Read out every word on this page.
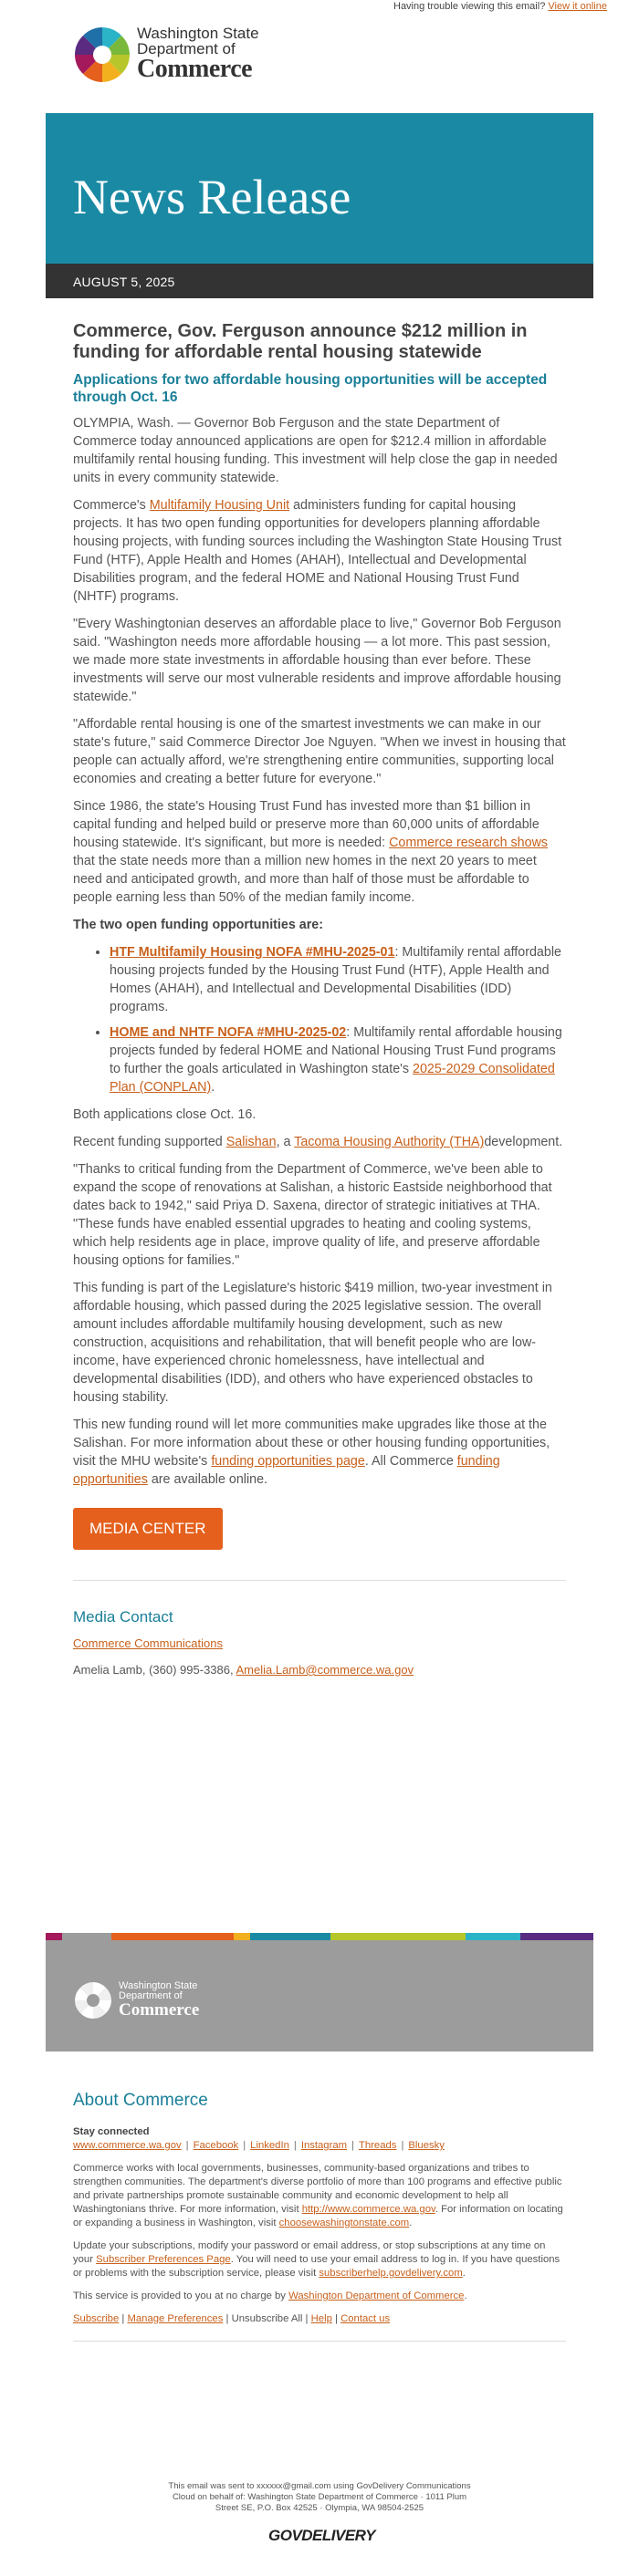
Having trouble viewing this email? View it online
Washington State
Department of
Commerce
News Release
AUGUST 5, 2025
Commerce, Gov. Ferguson announce $212 million in funding for affordable rental housing statewide
Applications for two affordable housing opportunities will be accepted through Oct. 16

OLYMPIA, Wash. — Governor Bob Ferguson and the state Department of Commerce today announced applications are open for $212.4 million in affordable multifamily rental housing funding. This investment will help close the gap in needed units in every community statewide.

Commerce's Multifamily Housing Unit administers funding for capital housing projects. It has two open funding opportunities for developers planning affordable housing projects, with funding sources including the Washington State Housing Trust Fund (HTF), Apple Health and Homes (AHAH), Intellectual and Developmental Disabilities program, and the federal HOME and National Housing Trust Fund (NHTF) programs.

"Every Washingtonian deserves an affordable place to live," Governor Bob Ferguson said. "Washington needs more affordable housing — a lot more. This past session, we made more state investments in affordable housing than ever before. These investments will serve our most vulnerable residents and improve affordable housing statewide."

"Affordable rental housing is one of the smartest investments we can make in our state's future," said Commerce Director Joe Nguyen. "When we invest in housing that people can actually afford, we're strengthening entire communities, supporting local economies and creating a better future for everyone."

Since 1986, the state's Housing Trust Fund has invested more than $1 billion in capital funding and helped build or preserve more than 60,000 units of affordable housing statewide. It's significant, but more is needed: Commerce research shows that the state needs more than a million new homes in the next 20 years to meet need and anticipated growth, and more than half of those must be affordable to people earning less than 50% of the median family income.

The two open funding opportunities are:
• HTF Multifamily Housing NOFA #MHU-2025-01: Multifamily rental affordable housing projects funded by the Housing Trust Fund (HTF), Apple Health and Homes (AHAH), and Intellectual and Developmental Disabilities (IDD) programs.
• HOME and NHTF NOFA #MHU-2025-02: Multifamily rental affordable housing projects funded by federal HOME and National Housing Trust Fund programs to further the goals articulated in Washington state's 2025-2029 Consolidated Plan (CONPLAN).

Both applications close Oct. 16.

Recent funding supported Salishan, a Tacoma Housing Authority (THA)development.

"Thanks to critical funding from the Department of Commerce, we've been able to expand the scope of renovations at Salishan, a historic Eastside neighborhood that dates back to 1942," said Priya D. Saxena, director of strategic initiatives at THA. "These funds have enabled essential upgrades to heating and cooling systems, which help residents age in place, improve quality of life, and preserve affordable housing options for families."

This funding is part of the Legislature's historic $419 million, two-year investment in affordable housing, which passed during the 2025 legislative session. The overall amount includes affordable multifamily housing development, such as new construction, acquisitions and rehabilitation, that will benefit people who are low-income, have experienced chronic homelessness, have intellectual and developmental disabilities (IDD), and others who have experienced obstacles to housing stability.

This new funding round will let more communities make upgrades like those at the Salishan. For more information about these or other housing funding opportunities, visit the MHU website's funding opportunities page. All Commerce funding opportunities are available online.

MEDIA CENTER
Media Contact
Commerce Communications
Amelia Lamb, (360) 995-3386, Amelia.Lamb@commerce.wa.gov
Washington State
Department of
Commerce
About Commerce
Stay connected

www.commerce.wa.gov | Facebook | LinkedIn | Instagram | Threads | Bluesky

Commerce works with local governments, businesses, community-based organizations and tribes to strengthen communities. The department's diverse portfolio of more than 100 programs and effective public and private partnerships promote sustainable community and economic development to help all Washingtonians thrive. For more information, visit http://www.commerce.wa.gov. For information on locating or expanding a business in Washington, visit choosewashingtonstate.com.

Update your subscriptions, modify your password or email address, or stop subscriptions at any time on your Subscriber Preferences Page. You will need to use your email address to log in. If you have questions or problems with the subscription service, please visit subscriberhelp.govdelivery.com.

This service is provided to you at no charge by Washington Department of Commerce.

Subscribe | Manage Preferences | Unsubscribe All | Help | Contact us

This email was sent to xxxxxx@gmail.com using GovDelivery Communications Cloud on behalf of: Washington State Department of Commerce · 1011 Plum Street SE, P.O. Box 42525 · Olympia, WA 98504-2525
GOVDELIVERY
